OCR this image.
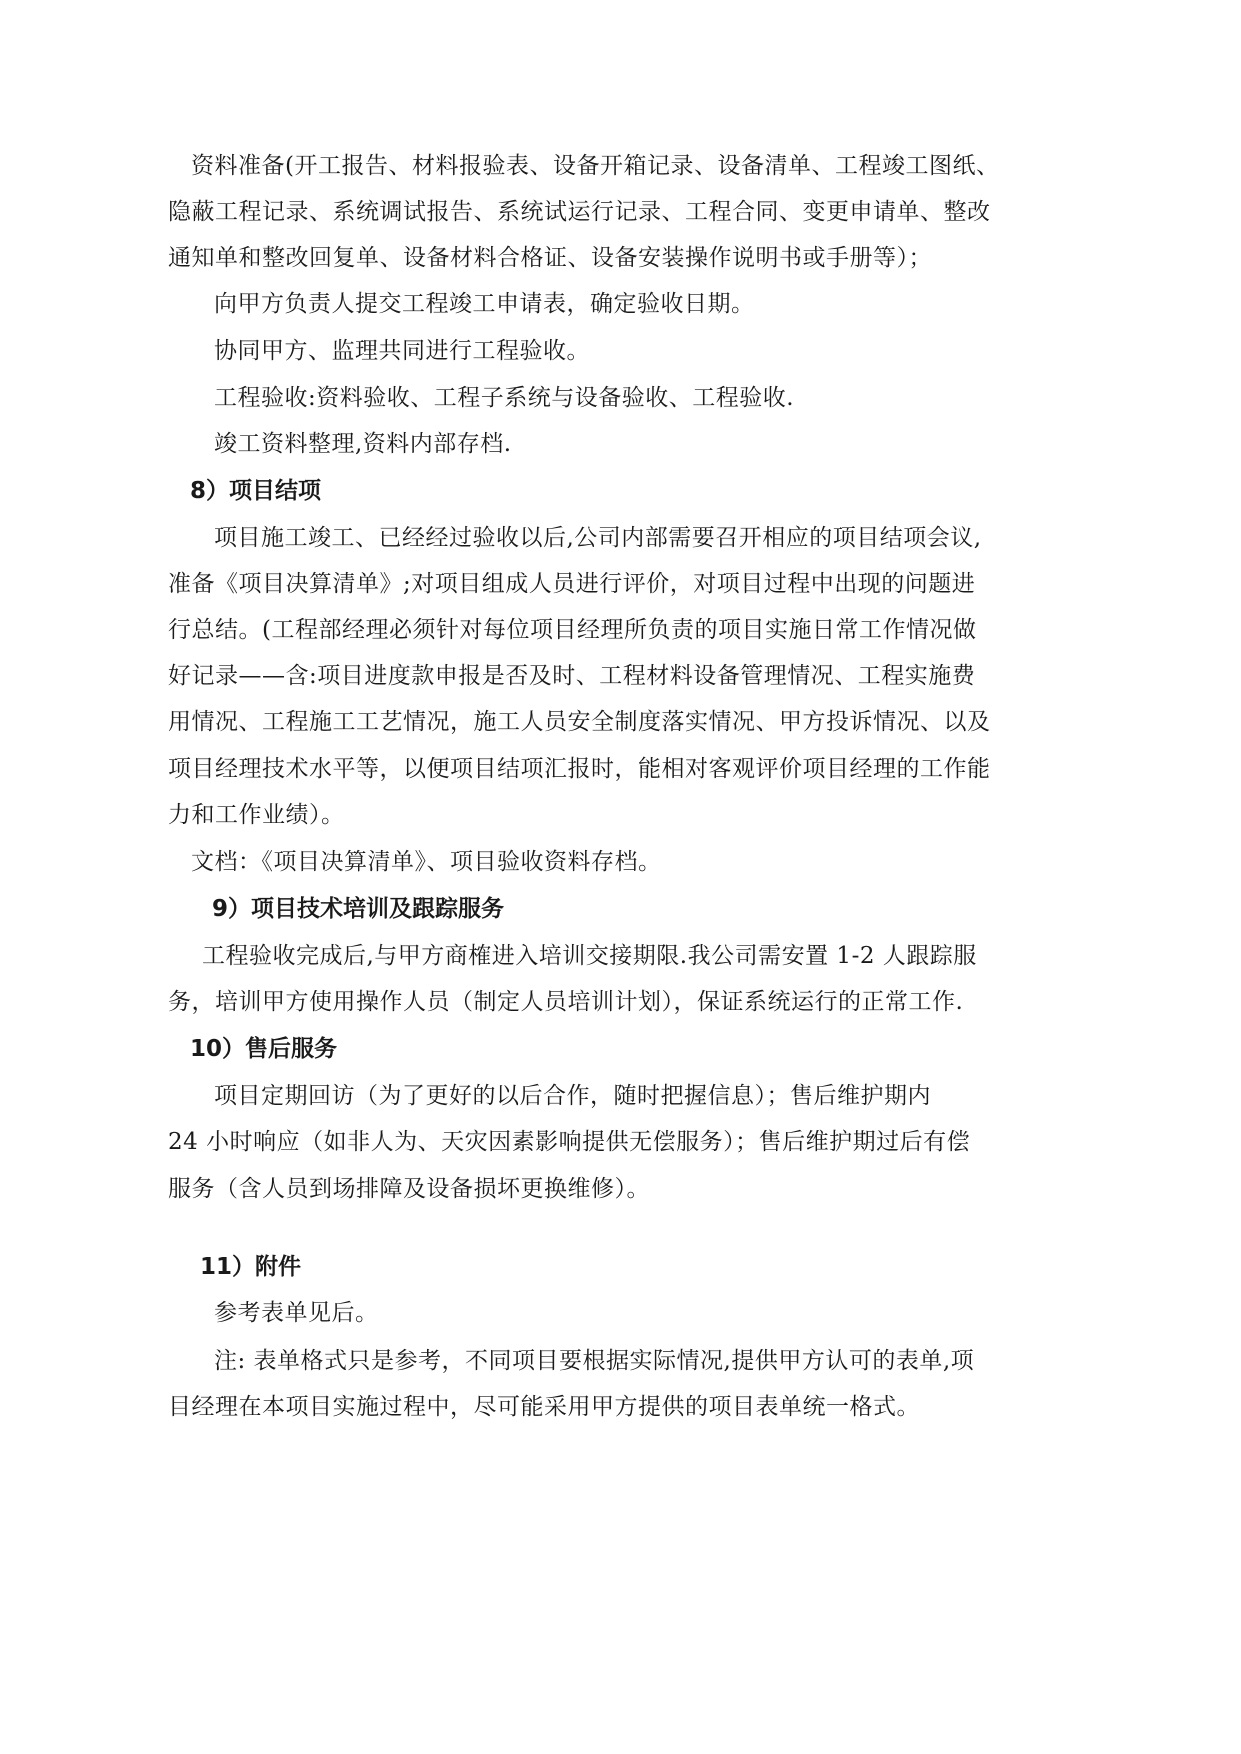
资料准备(开工报告、材料报验表、设备开箱记录、设备清单、工程竣工图纸、
隐蔽工程记录、系统调试报告、系统试运行记录、工程合同、变更申请单、整改
通知单和整改回复单、设备材料合格证、设备安装操作说明书或手册等）；
向甲方负责人提交工程竣工申请表，确定验收日期。
协同甲方、监理共同进行工程验收。
工程验收:资料验收、工程子系统与设备验收、工程验收.
竣工资料整理,资料内部存档.
8）项目结项
项目施工竣工、已经经过验收以后,公司内部需要召开相应的项目结项会议,
准备《项目决算清单》;对项目组成人员进行评价，对项目过程中出现的问题进
行总结。(工程部经理必须针对每位项目经理所负责的项目实施日常工作情况做
好记录——含:项目进度款申报是否及时、工程材料设备管理情况、工程实施费
用情况、工程施工工艺情况，施工人员安全制度落实情况、甲方投诉情况、以及
项目经理技术水平等，以便项目结项汇报时，能相对客观评价项目经理的工作能
力和工作业绩）。
文档：《项目决算清单》、项目验收资料存档。
9）项目技术培训及跟踪服务
工程验收完成后,与甲方商榷进入培训交接期限.我公司需安置 1-2 人跟踪服
务，培训甲方使用操作人员（制定人员培训计划），保证系统运行的正常工作.
10）售后服务
项目定期回访（为了更好的以后合作，随时把握信息）；售后维护期内
24 小时响应（如非人为、天灾因素影响提供无偿服务）；售后维护期过后有偿
服务（含人员到场排障及设备损坏更换维修）。
11）附件
参考表单见后。
注: 表单格式只是参考，不同项目要根据实际情况,提供甲方认可的表单,项
目经理在本项目实施过程中，尽可能采用甲方提供的项目表单统一格式。
